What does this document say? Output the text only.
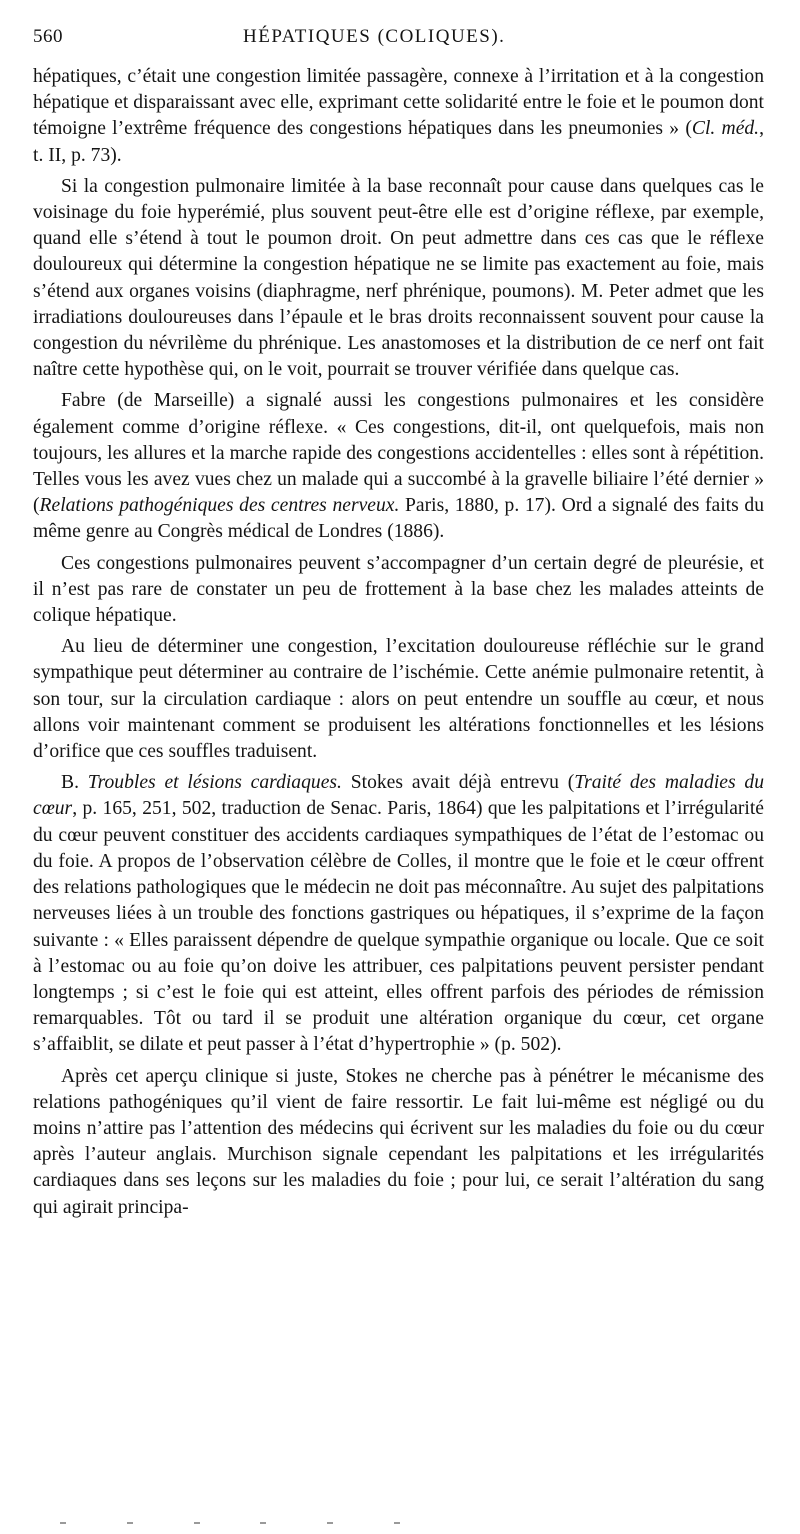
560	HÉPATIQUES (COLIQUES).

hépatiques, c’était une congestion limitée passagère, connexe à l’irritation et à la congestion hépatique et disparaissant avec elle, exprimant cette solidarité entre le foie et le poumon dont témoigne l’extrême fréquence des congestions hépatiques dans les pneumonies » (Cl. méd., t. II, p. 73).

Si la congestion pulmonaire limitée à la base reconnaît pour cause dans quelques cas le voisinage du foie hyperémié, plus souvent peut-être elle est d’origine réflexe, par exemple, quand elle s’étend à tout le poumon droit. On peut admettre dans ces cas que le réflexe douloureux qui détermine la congestion hépatique ne se limite pas exactement au foie, mais s’étend aux organes voisins (diaphragme, nerf phrénique, poumons). M. Peter admet que les irradiations douloureuses dans l’épaule et le bras droits reconnaissent souvent pour cause la congestion du névrilème du phrénique. Les anastomoses et la distribution de ce nerf ont fait naître cette hypothèse qui, on le voit, pourrait se trouver vérifiée dans quelque cas.

Fabre (de Marseille) a signalé aussi les congestions pulmonaires et les considère également comme d’origine réflexe. « Ces congestions, dit-il, ont quelquefois, mais non toujours, les allures et la marche rapide des congestions accidentelles : elles sont à répétition. Telles vous les avez vues chez un malade qui a succombé à la gravelle biliaire l’été dernier » (Relations pathogéniques des centres nerveux. Paris, 1880, p. 17). Ord a signalé des faits du même genre au Congrès médical de Londres (1886).

Ces congestions pulmonaires peuvent s’accompagner d’un certain degré de pleurésie, et il n’est pas rare de constater un peu de frottement à la base chez les malades atteints de colique hépatique.

Au lieu de déterminer une congestion, l’excitation douloureuse réfléchie sur le grand sympathique peut déterminer au contraire de l’ischémie. Cette anémie pulmonaire retentit, à son tour, sur la circulation cardiaque : alors on peut entendre un souffle au cœur, et nous allons voir maintenant comment se produisent les altérations fonctionnelles et les lésions d’orifice que ces souffles traduisent.

B. Troubles et lésions cardiaques. Stokes avait déjà entrevu (Traité des maladies du cœur, p. 165, 251, 502, traduction de Senac. Paris, 1864) que les palpitations et l’irrégularité du cœur peuvent constituer des accidents cardiaques sympathiques de l’état de l’estomac ou du foie. A propos de l’observation célèbre de Colles, il montre que le foie et le cœur offrent des relations pathologiques que le médecin ne doit pas méconnaître. Au sujet des palpitations nerveuses liées à un trouble des fonctions gastriques ou hépatiques, il s’exprime de la façon suivante : « Elles paraissent dépendre de quelque sympathie organique ou locale. Que ce soit à l’estomac ou au foie qu’on doive les attribuer, ces palpitations peuvent persister pendant longtemps ; si c’est le foie qui est atteint, elles offrent parfois des périodes de rémission remarquables. Tôt ou tard il se produit une altération organique du cœur, cet organe s’affaiblit, se dilate et peut passer à l’état d’hypertrophie » (p. 502).

Après cet aperçu clinique si juste, Stokes ne cherche pas à pénétrer le mécanisme des relations pathogéniques qu’il vient de faire ressortir. Le fait lui-même est négligé ou du moins n’attire pas l’attention des médecins qui écrivent sur les maladies du foie ou du cœur après l’auteur anglais. Murchison signale cependant les palpitations et les irrégularités cardiaques dans ses leçons sur les maladies du foie ; pour lui, ce serait l’altération du sang qui agirait principa-
